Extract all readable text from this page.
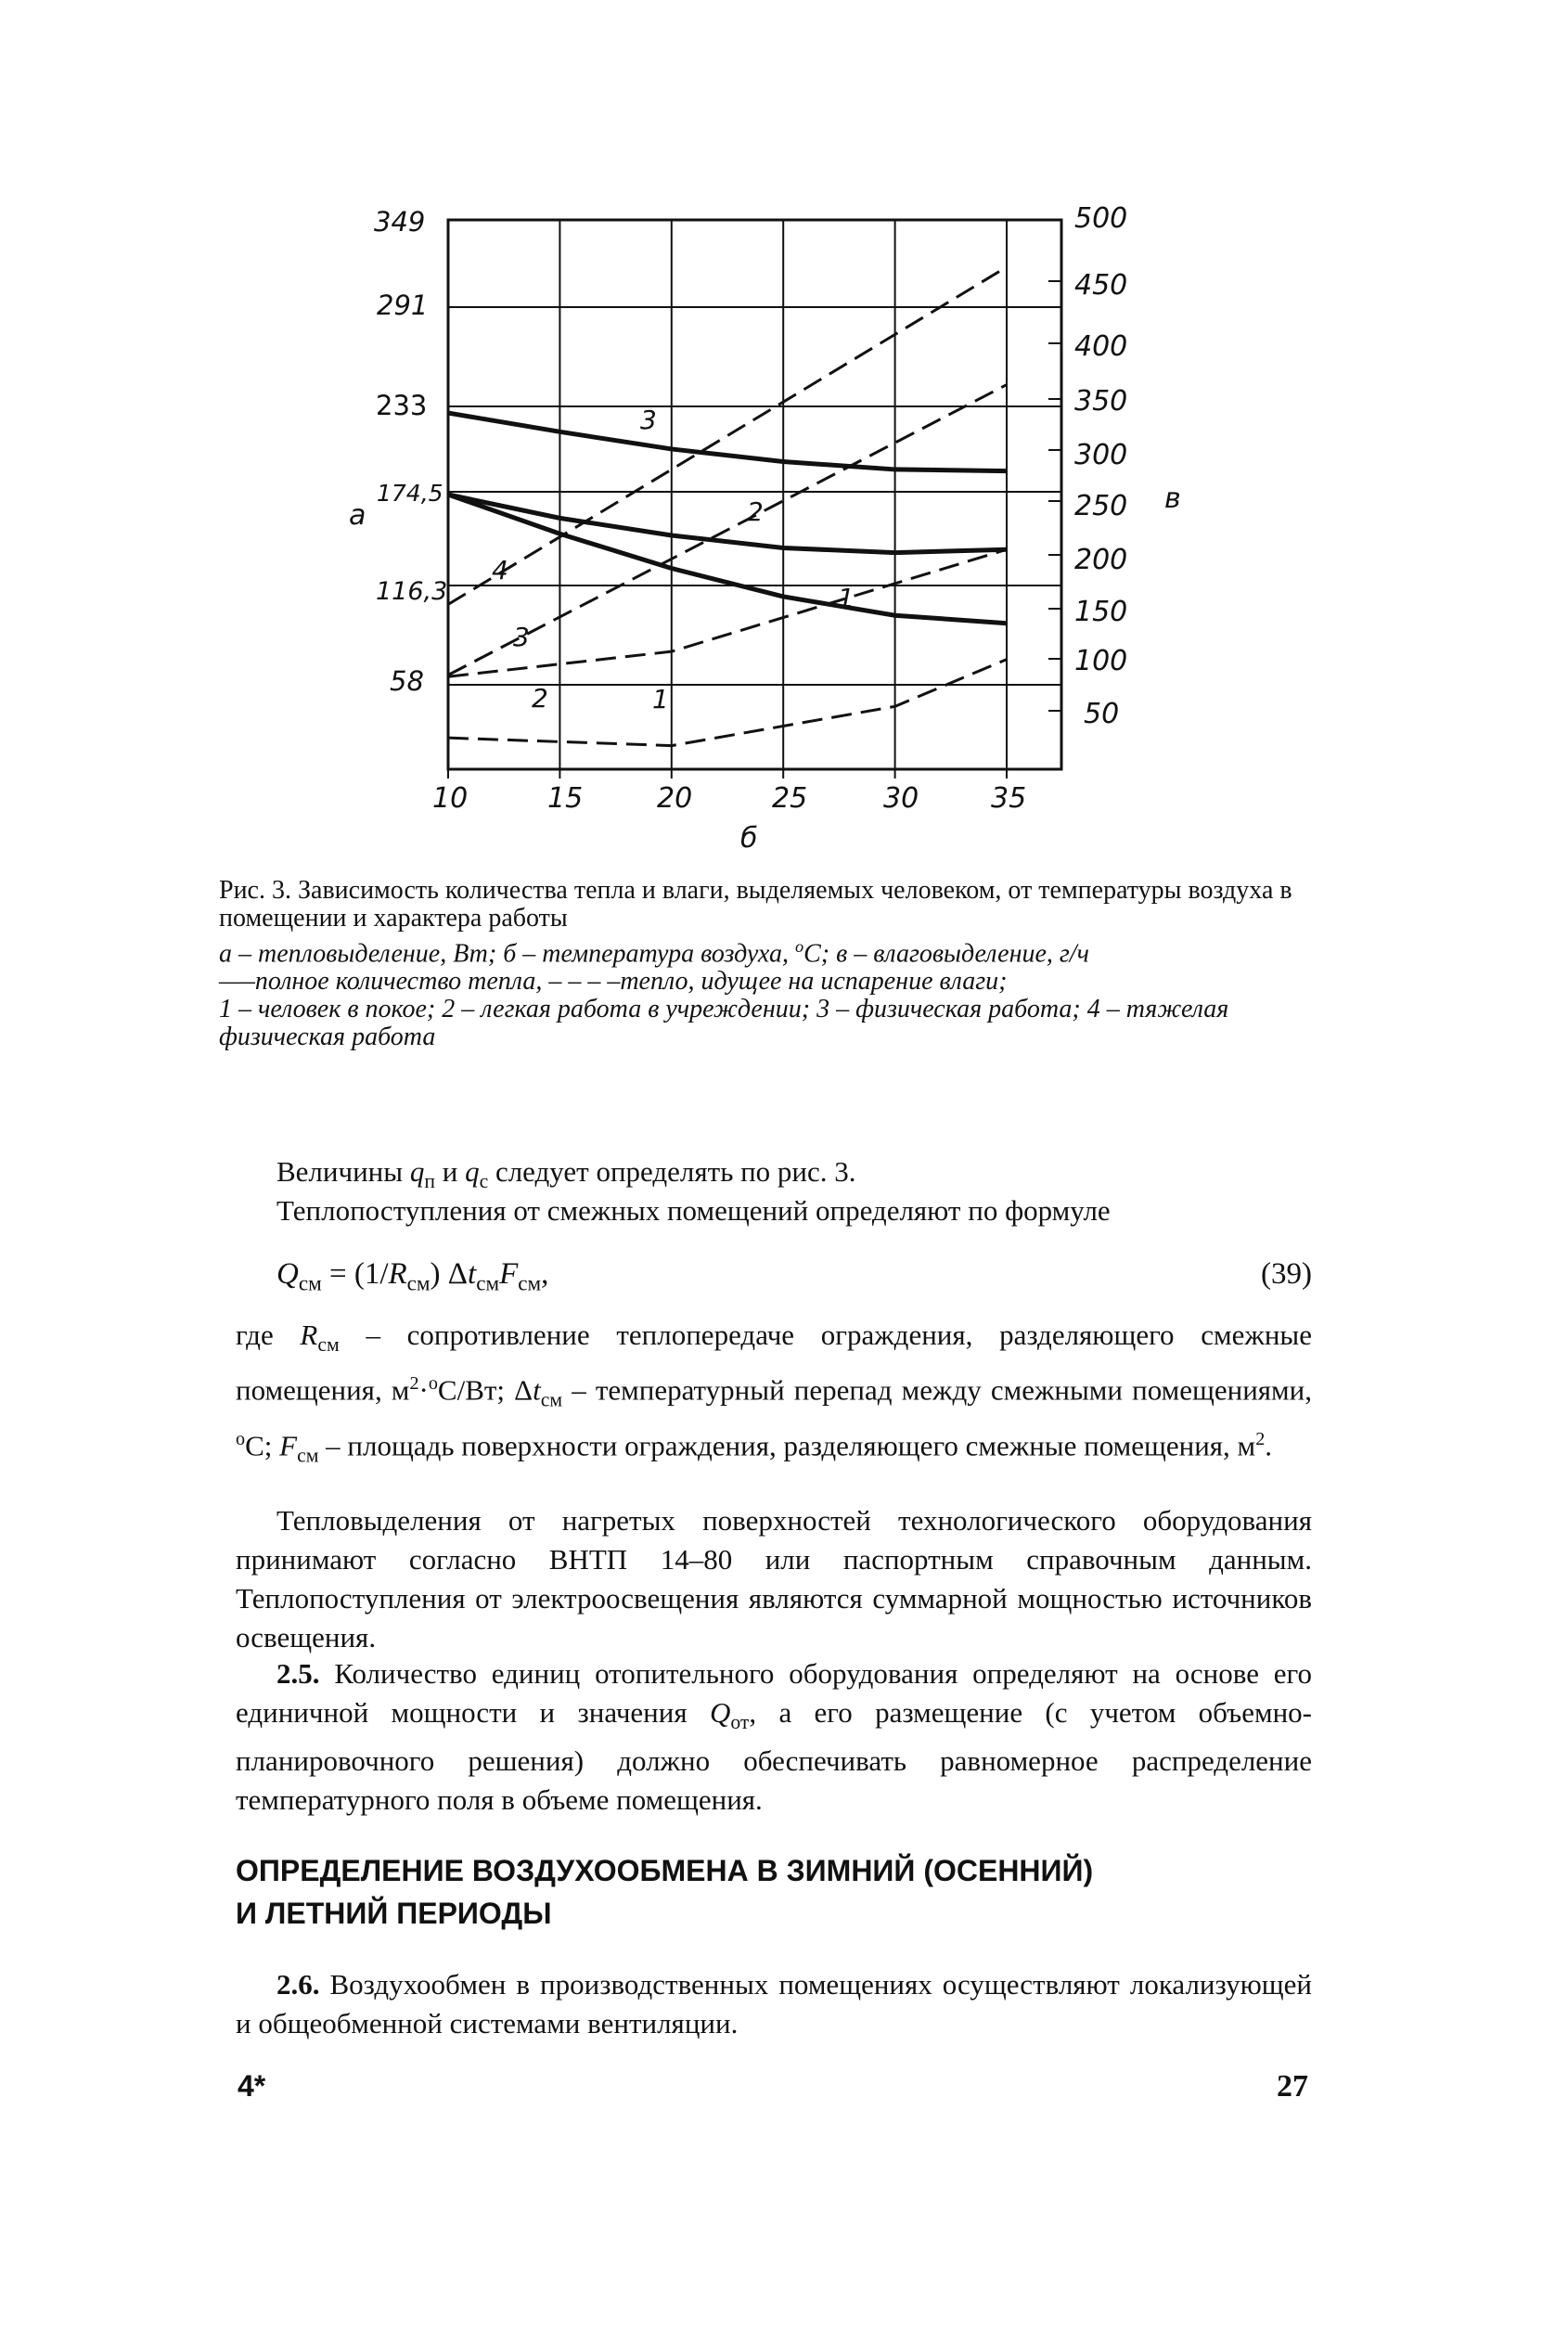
349
291
233
174,5
116,3
58
а
500
450
400
350
300
250
200
150
100
50
в
10	15	20	25	30	35
б
3
2
1
4
3
2	1
Рис. 3. Зависимость количества тепла и влаги, выделяемых человеком, от температуры воздуха в помещении и характера работы
а – тепловыделение, Вт; б – температура воздуха, $^o$С; в – влаговыделение, г/ч
—–полное количество тепла, – – – –тепло, идущее на испарение влаги;
1 – человек в покое; 2 – легкая работа в учреждении; 3 – физическая работа; 4 – тяжелая физическая работа
Величины $q_п$ и $q_с$ следует определять по рис. 3.
Теплопоступления от смежных помещений определяют по формуле
$Q_{см} = (1/R_{см})$ $\Delta t_{см}F_{см}$,	(39)
где $R_{см}$ – сопротивление теплопередаче ограждения, разделяющего смежные помещения, $м^2\cdot^oС/Вт$; $\Delta t_{см}$ – температурный перепад между смежными помещениями, $^o$С; $F_{см}$ – площадь поверхности ограждения, разделяющего смежные помещения, $м^2$.
Тепловыделения от нагретых поверхностей технологического оборудования принимают согласно ВНТП 14–80 или паспортным справочным данным. Теплопоступления от электроосвещения являются суммарной мощностью источников освещения.
2.5. Количество единиц отопительного оборудования определяют на основе его единичной мощности и значения $Q_{от}$, а его размещение (с учетом объемно-планировочного решения) должно обеспечивать равномерное распределение температурного поля в объеме помещения.
ОПРЕДЕЛЕНИЕ ВОЗДУХООБМЕНА В ЗИМНИЙ (ОСЕННИЙ)
И ЛЕТНИЙ ПЕРИОДЫ
2.6. Воздухообмен в производственных помещениях осуществляют локализующей и общеобменной системами вентиляции.
4*	27
